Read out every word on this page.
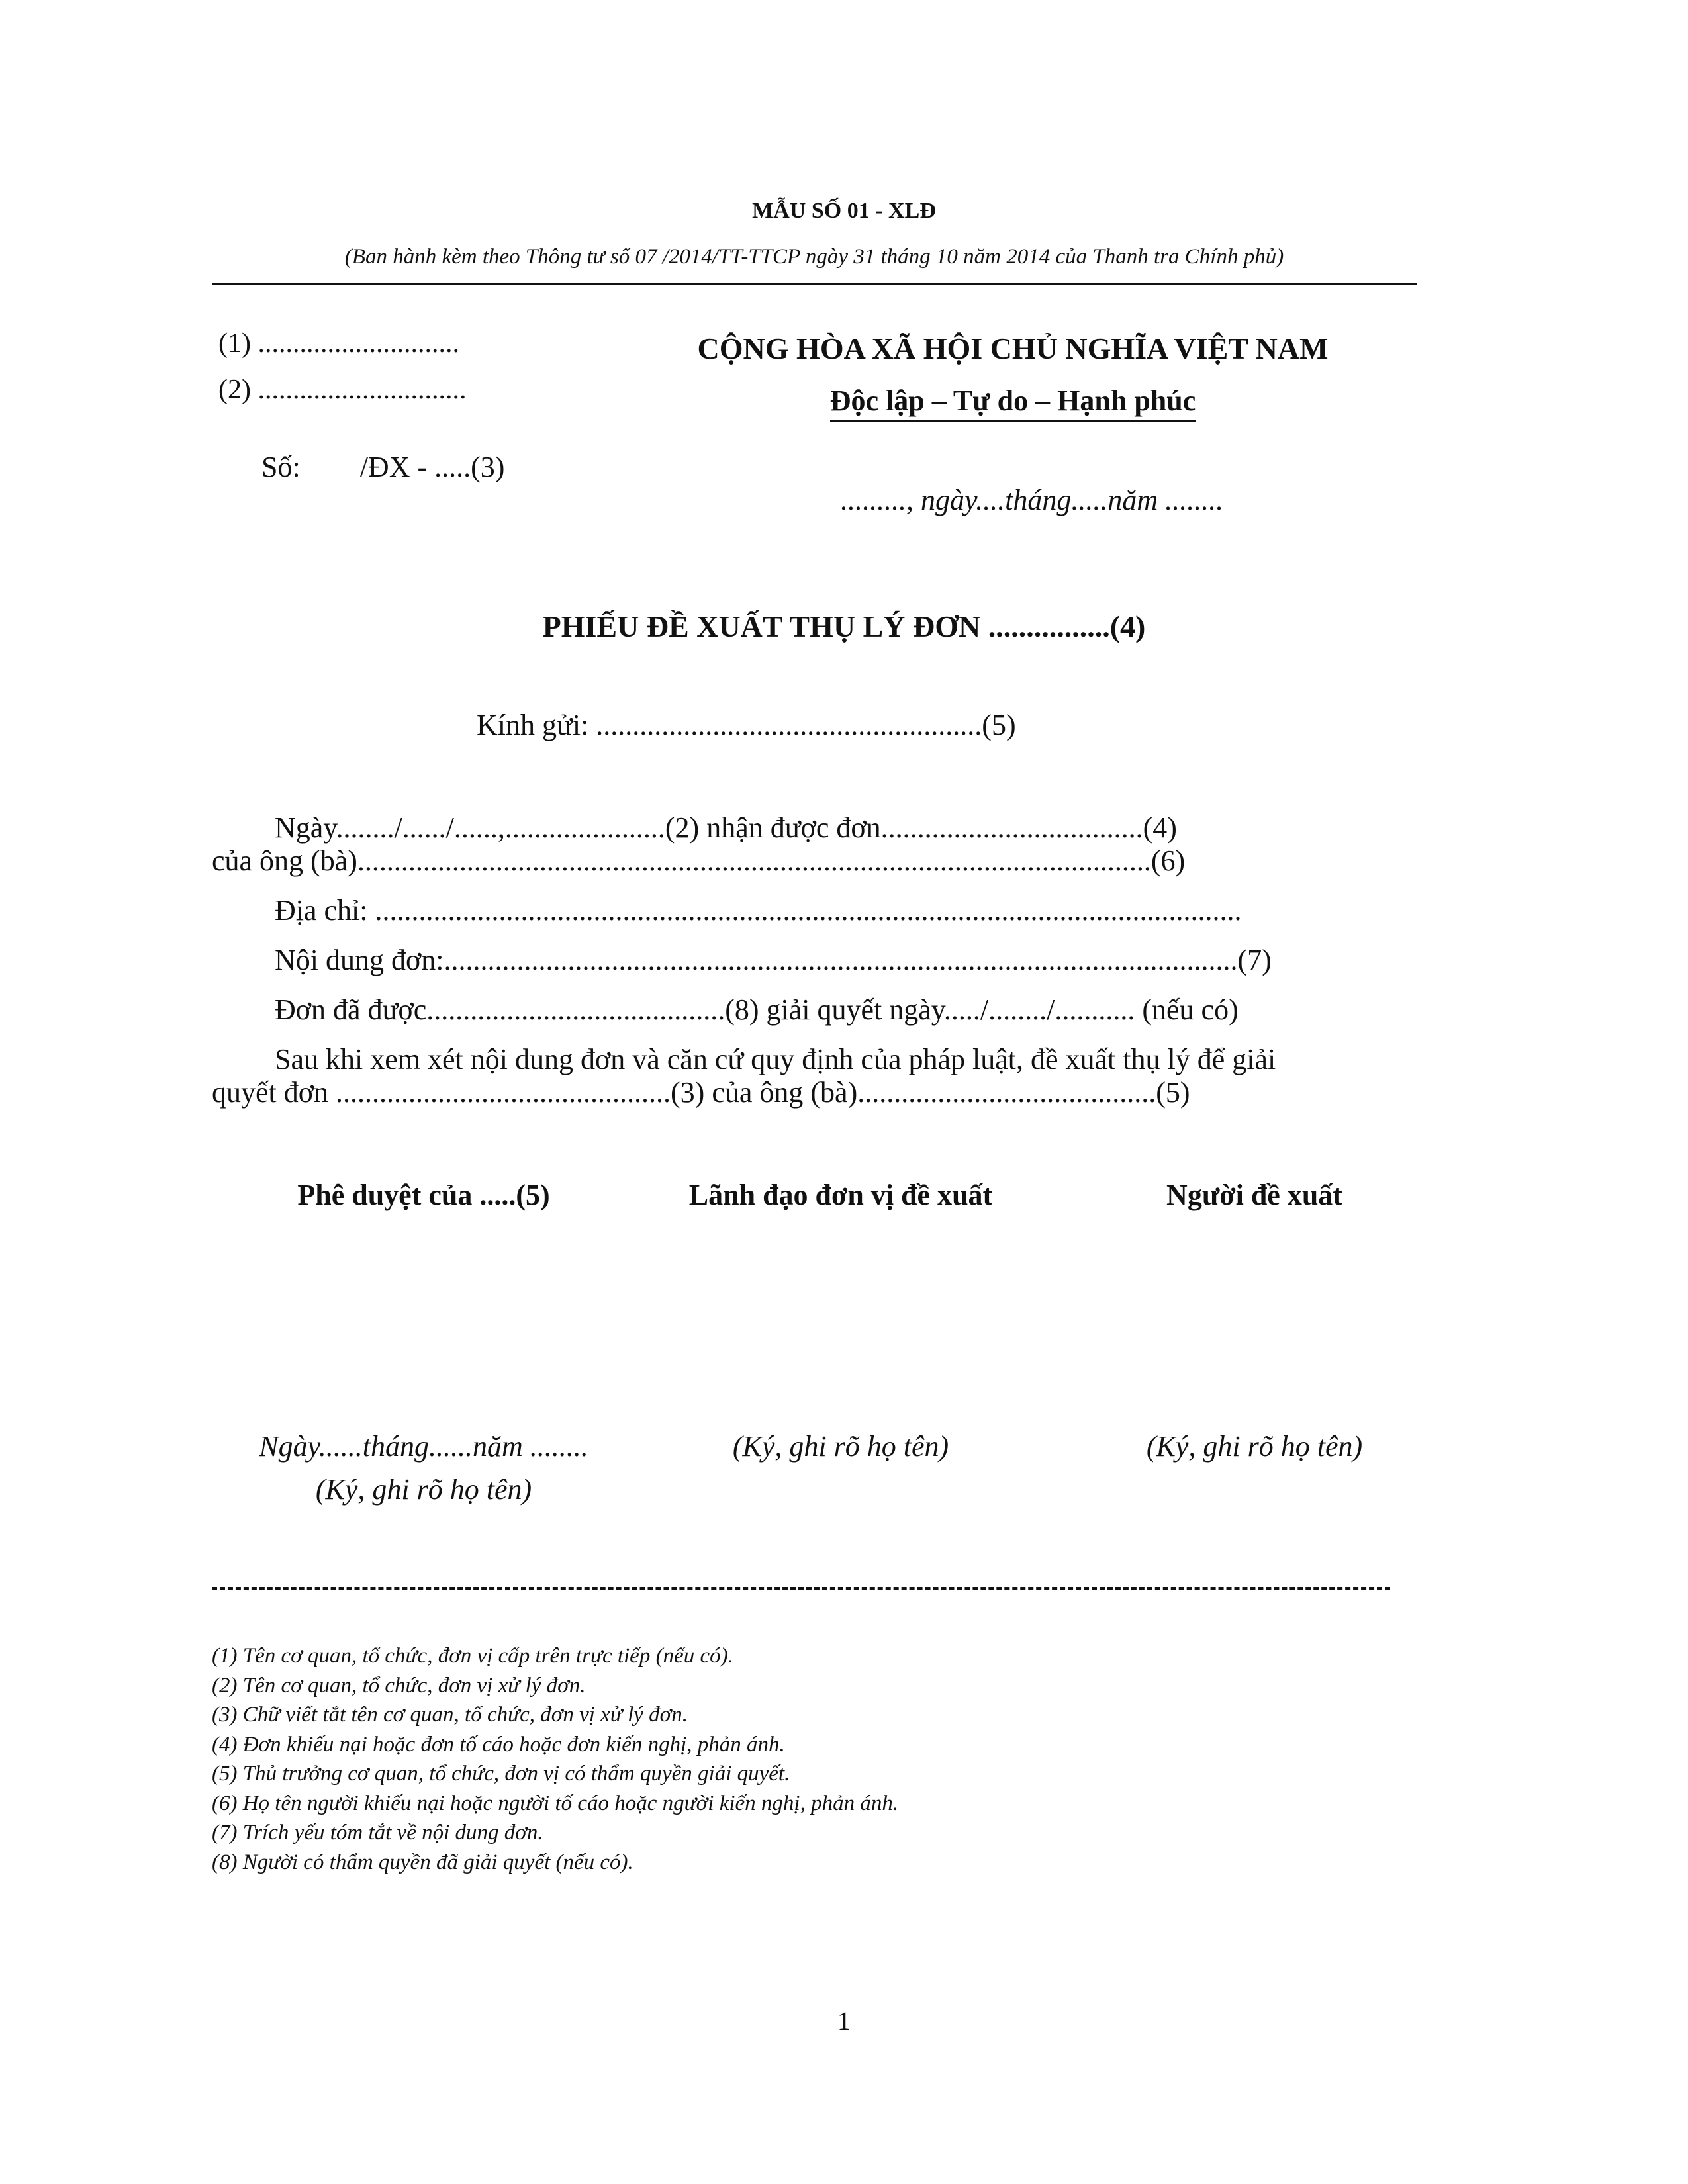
MẪU SỐ 01 - XLĐ
(Ban hành kèm theo Thông tư số 07 /2014/TT-TTCP ngày 31 tháng 10 năm 2014 của Thanh tra Chính phủ)
(1) .............................
(2) ..............................
CỘNG HÒA XÃ HỘI CHỦ NGHĨA VIỆT NAM
Độc lập – Tự do – Hạnh phúc
Số: /ĐX - .....(3)
........., ngày....tháng.....năm ........
PHIẾU ĐỀ XUẤT THỤ LÝ ĐƠN ................(4)
Kính gửi: .....................................................(5)
Ngày......../....../......,......................(2) nhận được đơn....................................(4)
của ông (bà).............................................................................................................(6)
Địa chỉ: .......................................................................................................................
Nội dung đơn:.............................................................................................................(7)
Đơn đã được.........................................(8) giải quyết ngày...../......../........... (nếu có)
Sau khi xem xét nội dung đơn và căn cứ quy định của pháp luật, đề xuất thụ lý để giải
quyết đơn ..............................................(3) của ông (bà).........................................(5)
Phê duyệt của .....(5)	Lãnh đạo đơn vị đề xuất	Người đề xuất
Ngày......tháng......năm ........
(Ký, ghi rõ họ tên)
(Ký, ghi rõ họ tên)	(Ký, ghi rõ họ tên)
(1) Tên cơ quan, tổ chức, đơn vị cấp trên trực tiếp (nếu có).
(2) Tên cơ quan, tổ chức, đơn vị xử lý đơn.
(3) Chữ viết tắt tên cơ quan, tổ chức, đơn vị xử lý đơn.
(4) Đơn khiếu nại hoặc đơn tố cáo hoặc đơn kiến nghị, phản ánh.
(5) Thủ trưởng cơ quan, tổ chức, đơn vị có thẩm quyền giải quyết.
(6) Họ tên người khiếu nại hoặc người tố cáo hoặc người kiến nghị, phản ánh.
(7) Trích yếu tóm tắt về nội dung đơn.
(8) Người có thẩm quyền đã giải quyết (nếu có).
1
